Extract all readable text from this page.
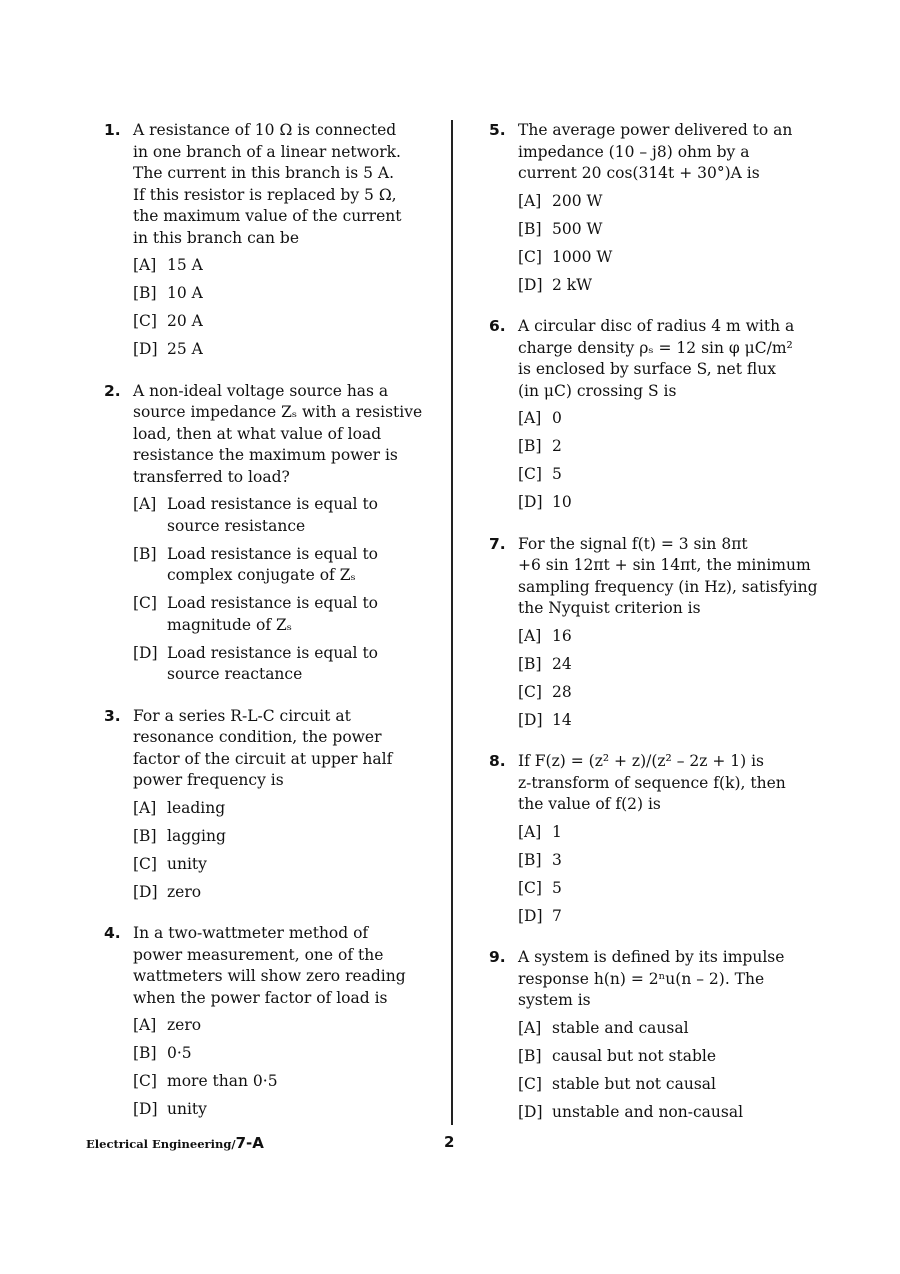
1. A resistance of 10 Ω is connected
in one branch of a linear network.
The current in this branch is 5 A.
If this resistor is replaced by 5 Ω,
the maximum value of the current
in this branch can be
[A] 15 A
[B] 10 A
[C] 20 A
[D] 25 A
2. A non-ideal voltage source has a
source impedance Zₛ with a resistive
load, then at what value of load
resistance the maximum power is
transferred to load?
[A] Load resistance is equal to
source resistance
[B] Load resistance is equal to
complex conjugate of Zₛ
[C] Load resistance is equal to
magnitude of Zₛ
[D] Load resistance is equal to
source reactance
3. For a series R-L-C circuit at
resonance condition, the power
factor of the circuit at upper half
power frequency is
[A] leading
[B] lagging
[C] unity
[D] zero
4. In a two-wattmeter method of
power measurement, one of the
wattmeters will show zero reading
when the power factor of load is
[A] zero
[B] 0·5
[C] more than 0·5
[D] unity
5. The average power delivered to an
impedance (10 – j8) ohm by a
current 20 cos(314t + 30°)A is
[A] 200 W
[B] 500 W
[C] 1000 W
[D] 2 kW
6. A circular disc of radius 4 m with a
charge density ρₛ = 12 sin φ μC/m²
is enclosed by surface S, net flux
(in μC) crossing S is
[A] 0
[B] 2
[C] 5
[D] 10
7. For the signal f(t) = 3 sin 8πt
+6 sin 12πt + sin 14πt, the minimum
sampling frequency (in Hz), satisfying
the Nyquist criterion is
[A] 16
[B] 24
[C] 28
[D] 14
8. If F(z) = (z² + z)/(z² – 2z + 1) is
z-transform of sequence f(k), then
the value of f(2) is
[A] 1
[B] 3
[C] 5
[D] 7
9. A system is defined by its impulse
response h(n) = 2ⁿu(n – 2). The
system is
[A] stable and causal
[B] causal but not stable
[C] stable but not causal
[D] unstable and non-causal
Electrical Engineering/7-A	2
